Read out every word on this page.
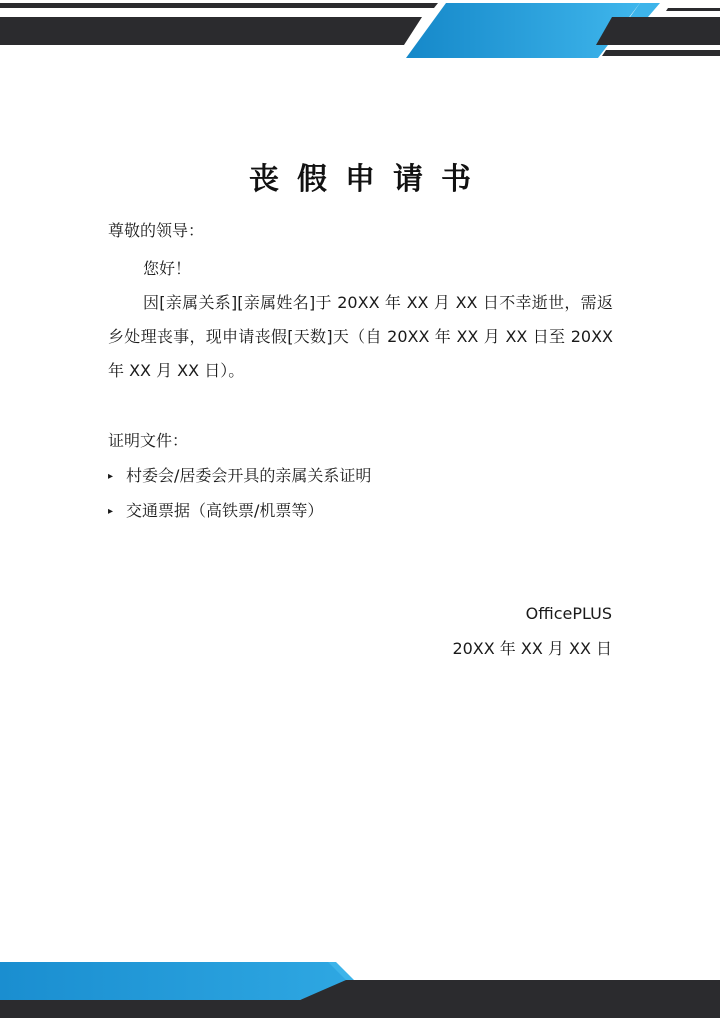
丧假申请书
尊敬的领导：
您好！
因[亲属关系][亲属姓名]于 20XX 年 XX 月 XX 日不幸逝世，需返乡处理丧事，现申请丧假[天数]天（自 20XX 年 XX 月 XX 日至 20XX 年 XX 月 XX 日）。
证明文件：
▸ 村委会/居委会开具的亲属关系证明
▸ 交通票据（高铁票/机票等）
OfficePLUS
20XX 年 XX 月 XX 日
